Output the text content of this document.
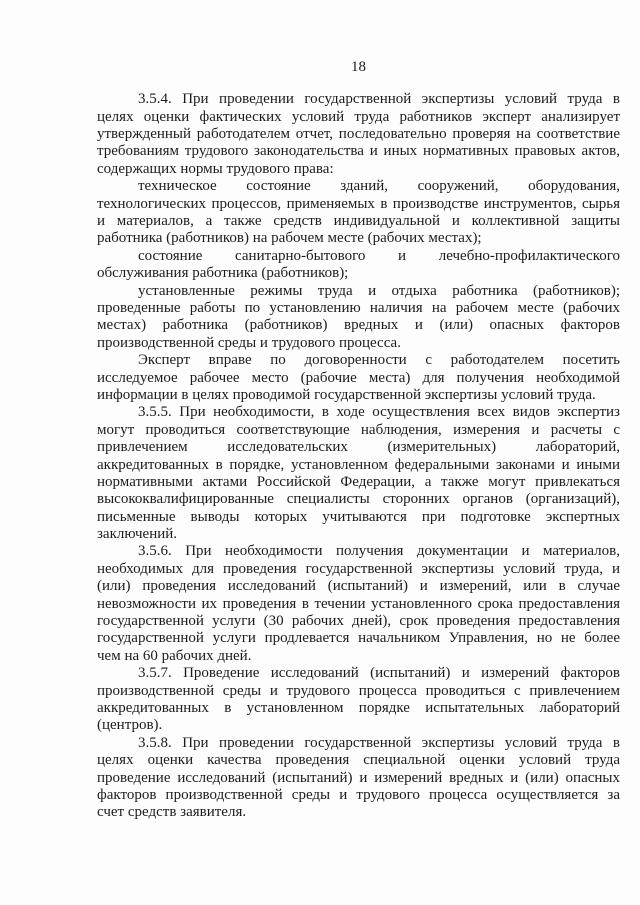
18
3.5.4. При проведении государственной экспертизы условий труда в
целях оценки фактических условий труда работников эксперт анализирует
утвержденный работодателем отчет, последовательно проверяя на соответствие
требованиям трудового законодательства и иных нормативных правовых актов,
содержащих нормы трудового права:
техническое состояние зданий, сооружений, оборудования,
технологических процессов, применяемых в производстве инструментов, сырья
и материалов, а также средств индивидуальной и коллективной защиты
работника (работников) на рабочем месте (рабочих местах);
состояние санитарно-бытового и лечебно-профилактического
обслуживания работника (работников);
установленные режимы труда и отдыха работника (работников);
проведенные работы по установлению наличия на рабочем месте (рабочих
местах) работника (работников) вредных и (или) опасных факторов
производственной среды и трудового процесса.
Эксперт вправе по договоренности с работодателем посетить
исследуемое рабочее место (рабочие места) для получения необходимой
информации в целях проводимой государственной экспертизы условий труда.
3.5.5. При необходимости, в ходе осуществления всех видов экспертиз
могут проводиться соответствующие наблюдения, измерения и расчеты с
привлечением исследовательских (измерительных) лабораторий,
аккредитованных в порядке, установленном федеральными законами и иными
нормативными актами Российской Федерации, а также могут привлекаться
высококвалифицированные специалисты сторонних органов (организаций),
письменные выводы которых учитываются при подготовке экспертных
заключений.
3.5.6. При необходимости получения документации и материалов,
необходимых для проведения государственной экспертизы условий труда, и
(или) проведения исследований (испытаний) и измерений, или в случае
невозможности их проведения в течении установленного срока предоставления
государственной услуги (30 рабочих дней), срок проведения предоставления
государственной услуги продлевается начальником Управления, но не более
чем на 60 рабочих дней.
3.5.7. Проведение исследований (испытаний) и измерений факторов
производственной среды и трудового процесса проводиться с привлечением
аккредитованных в установленном порядке испытательных лабораторий
(центров).
3.5.8. При проведении государственной экспертизы условий труда в
целях оценки качества проведения специальной оценки условий труда
проведение исследований (испытаний) и измерений вредных и (или) опасных
факторов производственной среды и трудового процесса осуществляется за
счет средств заявителя.
